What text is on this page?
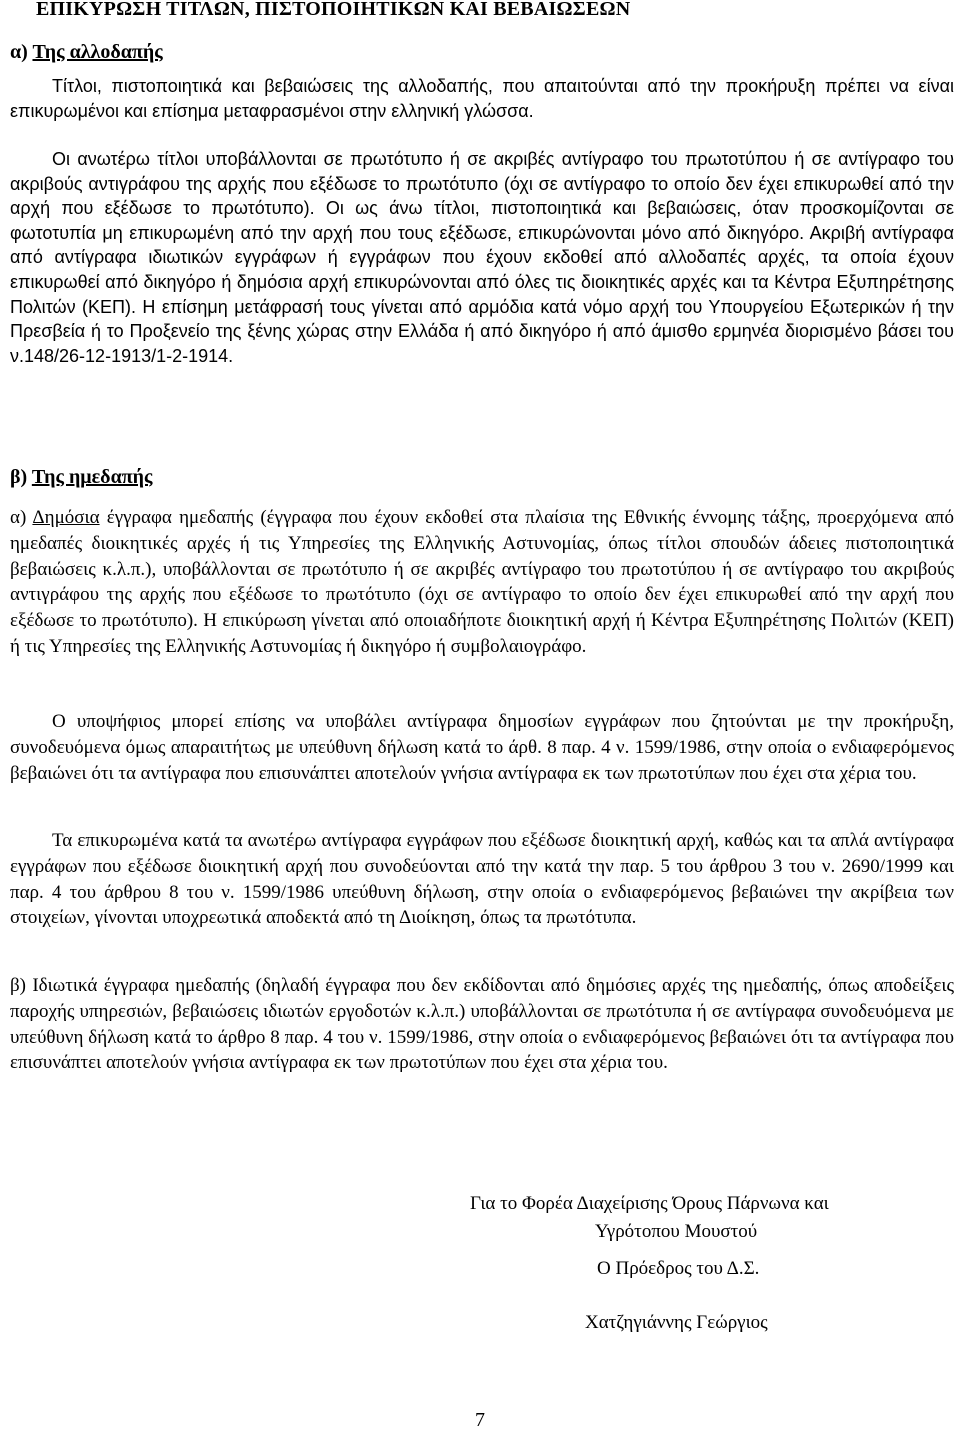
ΕΠΙΚΥΡΩΣΗ ΤΙΤΛΩΝ, ΠΙΣΤΟΠΟΙΗΤΙΚΩΝ ΚΑΙ ΒΕΒΑΙΩΣΕΩΝ
α) Της αλλοδαπής
Τίτλοι, πιστοποιητικά και βεβαιώσεις της αλλοδαπής, που απαιτούνται από την προκήρυξη πρέπει να είναι επικυρωμένοι και επίσημα μεταφρασμένοι στην ελληνική γλώσσα.
Οι ανωτέρω τίτλοι υποβάλλονται σε πρωτότυπο ή σε ακριβές αντίγραφο του πρωτοτύπου ή σε αντίγραφο του ακριβούς αντιγράφου της αρχής που εξέδωσε το πρωτότυπο (όχι σε αντίγραφο το οποίο δεν έχει επικυρωθεί από την αρχή που εξέδωσε το πρωτότυπο). Οι ως άνω τίτλοι, πιστοποιητικά και βεβαιώσεις, όταν προσκομίζονται σε φωτοτυπία μη επικυρωμένη από την αρχή που τους εξέδωσε, επικυρώνονται μόνο από δικηγόρο. Ακριβή αντίγραφα από αντίγραφα ιδιωτικών εγγράφων ή εγγράφων που έχουν εκδοθεί από αλλοδαπές αρχές, τα οποία έχουν επικυρωθεί από δικηγόρο ή δημόσια αρχή επικυρώνονται από όλες τις διοικητικές αρχές και τα Κέντρα Εξυπηρέτησης Πολιτών (ΚΕΠ). Η επίσημη μετάφρασή τους γίνεται από αρμόδια κατά νόμο αρχή του Υπουργείου Εξωτερικών ή την Πρεσβεία ή το Προξενείο της ξένης χώρας στην Ελλάδα ή από δικηγόρο ή από άμισθο ερμηνέα διορισμένο βάσει του ν.148/26-12-1913/1-2-1914.
β) Της ημεδαπής
α) Δημόσια έγγραφα ημεδαπής (έγγραφα που έχουν εκδοθεί στα πλαίσια της Εθνικής έννομης τάξης, προερχόμενα από ημεδαπές διοικητικές αρχές ή τις Υπηρεσίες της Ελληνικής Αστυνομίας, όπως τίτλοι σπουδών άδειες πιστοποιητικά βεβαιώσεις κ.λ.π.), υποβάλλονται σε πρωτότυπο ή σε ακριβές αντίγραφο του πρωτοτύπου ή σε αντίγραφο του ακριβούς αντιγράφου της αρχής που εξέδωσε το πρωτότυπο (όχι σε αντίγραφο το οποίο δεν έχει επικυρωθεί από την αρχή που εξέδωσε το πρωτότυπο). Η επικύρωση γίνεται από οποιαδήποτε διοικητική αρχή ή Κέντρα Εξυπηρέτησης Πολιτών (ΚΕΠ) ή τις Υπηρεσίες της Ελληνικής Αστυνομίας ή δικηγόρο ή συμβολαιογράφο.
Ο υποψήφιος μπορεί επίσης να υποβάλει αντίγραφα δημοσίων εγγράφων που ζητούνται με την προκήρυξη, συνοδευόμενα όμως απαραιτήτως με υπεύθυνη δήλωση κατά το άρθ. 8 παρ. 4 ν. 1599/1986, στην οποία ο ενδιαφερόμενος βεβαιώνει ότι τα αντίγραφα που επισυνάπτει αποτελούν γνήσια αντίγραφα εκ των πρωτοτύπων που έχει στα χέρια του.
Τα επικυρωμένα κατά τα ανωτέρω αντίγραφα εγγράφων που εξέδωσε διοικητική αρχή, καθώς και τα απλά αντίγραφα εγγράφων που εξέδωσε διοικητική αρχή που συνοδεύονται από την κατά την παρ. 5 του άρθρου 3 του ν. 2690/1999 και παρ. 4 του άρθρου 8 του ν. 1599/1986 υπεύθυνη δήλωση, στην οποία ο ενδιαφερόμενος βεβαιώνει την ακρίβεια των στοιχείων, γίνονται υποχρεωτικά αποδεκτά από τη Διοίκηση, όπως τα πρωτότυπα.
β) Ιδιωτικά έγγραφα ημεδαπής (δηλαδή έγγραφα που δεν εκδίδονται από δημόσιες αρχές της ημεδαπής, όπως αποδείξεις παροχής υπηρεσιών, βεβαιώσεις ιδιωτών εργοδοτών κ.λ.π.) υποβάλλονται σε πρωτότυπα ή σε αντίγραφα συνοδευόμενα με υπεύθυνη δήλωση κατά το άρθρο 8 παρ. 4 του ν. 1599/1986, στην οποία ο ενδιαφερόμενος βεβαιώνει ότι τα αντίγραφα που επισυνάπτει αποτελούν γνήσια αντίγραφα εκ των πρωτοτύπων που έχει στα χέρια του.
Για το Φορέα Διαχείρισης Όρους Πάρνωνα και
Υγρότοπου Μουστού
Ο Πρόεδρος του Δ.Σ.
Χατζηγιάννης Γεώργιος
7
